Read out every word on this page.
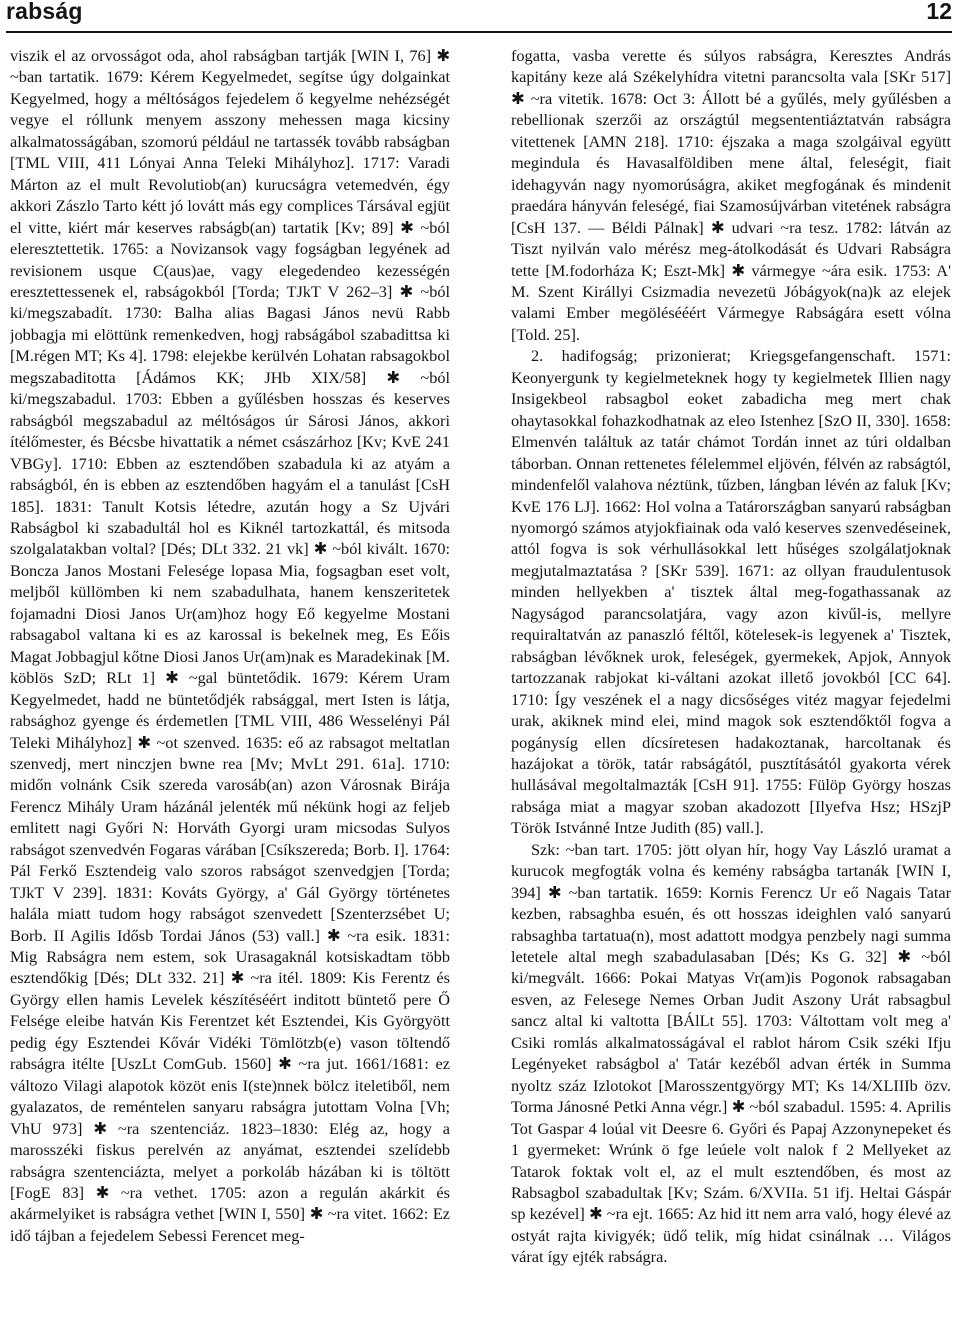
rabság	12

viszik el az orvosságot oda, ahol rabságban tartják [WIN I, 76] ✱ ~ban tartatik. 1679: Kérem Kegyelmedet, segítse úgy dolgainkat Kegyelmed, hogy a méltóságos fejedelem ő kegyelme nehézségét vegye el róllunk menyem asszony mehessen maga kicsiny alkalmatosságában, szomorú például ne tartassék tovább rabságban [TML VIII, 411 Lónyai Anna Teleki Mihályhoz]. 1717: Varadi Márton az el mult Revolutiob(an) kurucságra vetemedvén, égy akkori Zászlo Tarto kétt jó lovátt más egy complices Társával egjüt el vitte, kiért már keserves rabságb(an) tartatik [Kv; 89] ✱ ~ból eleresztettetik. 1765: a Novizansok vagy fogságban legyének ad revisionem usque C(aus)ae, vagy elegedendeo kezességén eresztettessenek el, rabságokból [Torda; TJkT V 262–3] ✱ ~ból ki/megszabadít. 1730: Balha alias Bagasi János nevü Rabb jobbagja mi elöttünk remenkedven, hogj rabságábol szabadittsa ki [M.régen MT; Ks 4]. 1798: elejekbe kerülvén Lohatan rabsagokbol megszabaditotta [Ádámos KK; JHb XIX/58] ✱ ~ból ki/megszabadul. 1703: Ebben a gyűlésben hosszas és keserves rabságból megszabadul az méltóságos úr Sárosi János, akkori ítélőmester, és Bécsbe hivattatik a német császárhoz [Kv; KvE 241 VBGy]. 1710: Ebben az esztendőben szabadula ki az atyám a rabságból, én is ebben az esztendőben hagyám el a tanulást [CsH 185]. 1831: Tanult Kotsis létedre, azután hogy a Sz Ujvári Rabságbol ki szabadultál hol es Kiknél tartozkattál, és mitsoda szolgalatakban voltal? [Dés; DLt 332. 21 vk] ✱ ~ból kivált. 1670: Boncza Janos Mostani Felesége lopasa Mia, fogsagban eset volt, meljből küllömben ki nem szabadulhata, hanem kenszeritetek fojamadni Diosi Janos Ur(am)hoz hogy Eő kegyelme Mostani rabsagabol valtana ki es az karossal is bekelnek meg, Es Eőis Magat Jobbagjul kőtne Diosi Janos Ur(am)nak es Maradekinak [M. köblös SzD; RLt 1] ✱ ~gal büntetődik. 1679: Kérem Uram Kegyelmedet, hadd ne büntetődjék rabsággal, mert Isten is látja, rabsághoz gyenge és érdemetlen [TML VIII, 486 Wesselényi Pál Teleki Mihályhoz] ✱ ~ot szenved. 1635: eő az rabsagot meltatlan szenvedj, mert ninczjen bwne rea [Mv; MvLt 291. 61a]. 1710: midőn volnánk Csik szereda varosáb(an) azon Városnak Birája Ferencz Mihály Uram házánál jelenték mű nékünk hogi az feljeb emlitett nagi Győri N: Horváth Gyorgi uram micsodas Sulyos rabságot szenvedvén Fogaras várában [Csíkszereda; Borb. I]. 1764: Pál Ferkő Esztendeig valo szoros rabságot szenvedgjen [Torda; TJkT V 239]. 1831: Kováts György, a' Gál György történetes halála miatt tudom hogy rabságot szenvedett [Szenterzsébet U; Borb. II Agilis Idősb Tordai János (53) vall.] ✱ ~ra esik. 1831: Mig Rabságra nem estem, sok Urasagaknál kotsiskadtam több esztendőkig [Dés; DLt 332. 21] ✱ ~ra itél. 1809: Kis Ferentz és György ellen hamis Levelek készítéséért inditott büntető pere Ő Felsége eleibe hatván Kis Ferentzet két Esztendei, Kis Györgyött pedig égy Esztendei Kővár Vidéki Tömlötzb(e) vason töltendő rabságra itélte [UszLt ComGub. 1560] ✱ ~ra jut. 1661/1681: ez változo Vilagi alapotok közöt enis I(ste)nnek bölcz iteletiből, nem gyalazatos, de reméntelen sanyaru rabságra jutottam Volna [Vh; VhU 973] ✱ ~ra szentenciáz. 1823–1830: Elég az, hogy a marosszéki fiskus perelvén az anyámat, esztendei szelídebb rabságra szentenciázta, melyet a porkoláb házában ki is töltött [FogE 83] ✱ ~ra vethet. 1705: azon a regulán akárkit és akármelyiket is rabságra vethet [WIN I, 550] ✱ ~ra vitet. 1662: Ez idő tájban a fejedelem Sebessi Ferencet meg-

fogatta, vasba verette és súlyos rabságra, Keresztes András kapitány keze alá Székelyhídra vitetni parancsolta vala [SKr 517] ✱ ~ra vitetik. 1678: Oct 3: Állott bé a gyűlés, mely gyűlésben a rebellionak szerzői az országtúl megsententiáztatván rabságra vitettenek [AMN 218]. 1710: éjszaka a maga szolgáival együtt megindula és Havasalföldiben mene által, feleségit, fiait idehagyván nagy nyomorúságra, akiket megfogának és mindenit praedára hányván feleségé, fiai Szamosújvárban vitetének rabságra [CsH 137. — Béldi Pálnak] ✱ udvari ~ra tesz. 1782: látván az Tiszt nyilván valo mérész meg-átolkodását és Udvari Rabságra tette [M.fodorháza K; Eszt-Mk] ✱ vármegye ~ára esik. 1753: A' M. Szent Királlyi Csizmadia nevezetü Jóbágyok(na)k az elejek valami Ember megölésééért Vármegye Rabságára esett vólna [Told. 25].

2. hadifogság; prizonierat; Kriegsgefangenschaft. 1571: Keonyergunk ty kegielmeteknek hogy ty kegielmetek Illien nagy Insigekbeol rabsagbol eoket zabadicha meg mert chak ohaytasokkal fohazkodhatnak az eleo Istenhez [SzO II, 330]. 1658: Elmenvén találtuk az tatár chámot Tordán innet az túri oldalban táborban. Onnan rettenetes félelemmel eljövén, félvén az rabságtól, mindenfelől valahova néztünk, tűzben, lángban lévén az faluk [Kv; KvE 176 LJ]. 1662: Hol volna a Tatárországban sanyarú rabságban nyomorgó számos atyjokfiainak oda való keserves szenvedéseinek, attól fogva is sok vérhullásokkal lett hűséges szolgálatjoknak megjutalmaztatása ? [SKr 539]. 1671: az ollyan fraudulentusok minden hellyekben a' tisztek által meg-fogathassanak az Nagyságod parancsolatjára, vagy azon kivűl-is, mellyre requiraltatván az panaszló féltől, kötelesek-is legyenek a' Tisztek, rabságban lévőknek urok, feleségek, gyermekek, Apjok, Annyok tartozzanak rabjokat ki-váltani azokat illető jovokból [CC 64]. 1710: Így veszének el a nagy dicsőséges vitéz magyar fejedelmi urak, akiknek mind elei, mind magok sok esztendőktől fogva a pogánysíg ellen dícsíretesen hadakoztanak, harcoltanak és hazájokat a török, tatár rabságától, pusztításától gyakorta vérek hullásával megoltalmazták [CsH 91]. 1755: Fülöp György hoszas rabsága miat a magyar szoban akadozott [Ilyefva Hsz; HSzjP Török Istvánné Intze Judith (85) vall.].

Szk: ~ban tart. 1705: jött olyan hír, hogy Vay László uramat a kurucok megfogták volna és kemény rabságba tartanák [WIN I, 394] ✱ ~ban tartatik. 1659: Kornis Ferencz Ur eő Nagais Tatar kezben, rabsaghba esuén, és ott hosszas ideighlen való sanyarú rabsaghba tartatua(n), most adattott modgya penzbely nagi summa letetele altal megh szabadulasaban [Dés; Ks G. 32] ✱ ~ból ki/megvált. 1666: Pokai Matyas Vr(am)is Pogonok rabsagaban esven, az Felesege Nemes Orban Judit Aszony Urát rabsagbul sancz altal ki valtotta [BÁlLt 55]. 1703: Váltottam volt meg a' Csiki romlás alkalmatosságával el rablot három Csik széki Ifju Legényeket rabságbol a' Tatár kezéből advan érték in Summa nyoltz száz Izlotokot [Marosszentgyörgy MT; Ks 14/XLIIIb özv. Torma Jánosné Petki Anna végr.] ✱ ~ból szabadul. 1595: 4. Aprilis Tot Gaspar 4 loúal vit Deesre 6. Győri és Papaj Azzonynepeket és 1 gyermeket: Wrúnk ö fge leúele volt nalok f 2 Mellyeket az Tatarok foktak volt el, az el mult esztendőben, és most az Rabsagbol szabadultak [Kv; Szám. 6/XVIIa. 51 ifj. Heltai Gáspár sp kezével] ✱ ~ra ejt. 1665: Az hid itt nem arra való, hogy élevé az ostyát rajta kivigyék; üdő telik, míg hidat csinálnak … Világos várat így ejték rabságra.
